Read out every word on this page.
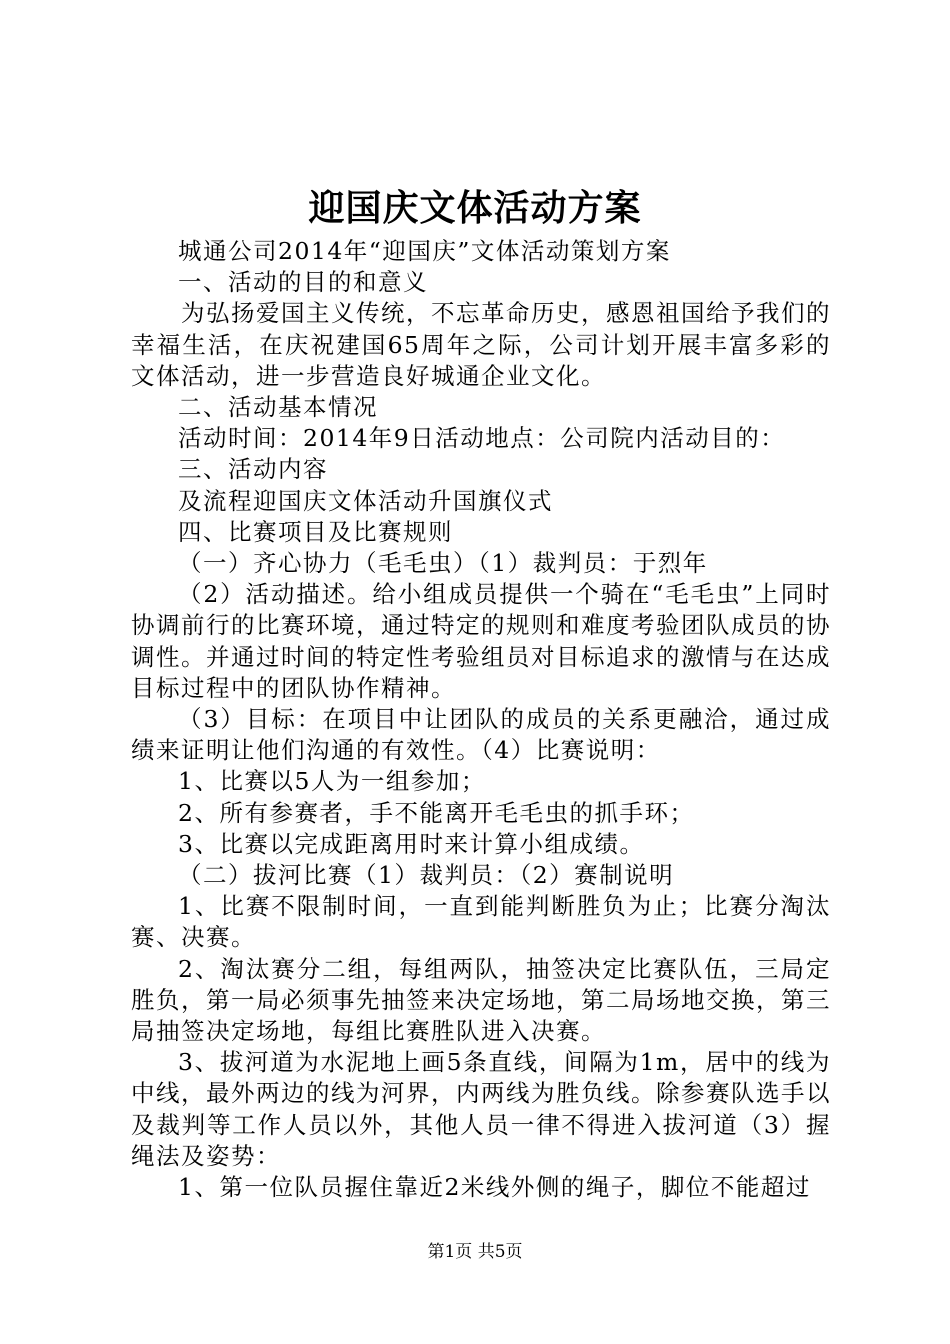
迎国庆文体活动方案

城通公司2014年“迎国庆”文体活动策划方案

一、活动的目的和意义

为弘扬爱国主义传统，不忘革命历史，感恩祖国给予我们的幸福生活，在庆祝建国65周年之际，公司计划开展丰富多彩的文体活动，进一步营造良好城通企业文化。

二、活动基本情况

活动时间：2014年9日活动地点：公司院内活动目的：

三、活动内容

及流程迎国庆文体活动升国旗仪式

四、比赛项目及比赛规则

（一）齐心协力（毛毛虫）（1）裁判员：于烈年

（2）活动描述。给小组成员提供一个骑在“毛毛虫”上同时协调前行的比赛环境，通过特定的规则和难度考验团队成员的协调性。并通过时间的特定性考验组员对目标追求的激情与在达成目标过程中的团队协作精神。

（3）目标：在项目中让团队的成员的关系更融洽，通过成绩来证明让他们沟通的有效性。（4）比赛说明：

1、比赛以5人为一组参加；

2、所有参赛者，手不能离开毛毛虫的抓手环；

3、比赛以完成距离用时来计算小组成绩。

（二）拔河比赛（1）裁判员：（2）赛制说明

1、比赛不限制时间，一直到能判断胜负为止；比赛分淘汰赛、决赛。

2、淘汰赛分二组，每组两队，抽签决定比赛队伍，三局定胜负，第一局必须事先抽签来决定场地，第二局场地交换，第三局抽签决定场地，每组比赛胜队进入决赛。

3、拔河道为水泥地上画5条直线，间隔为1m，居中的线为中线，最外两边的线为河界，内两线为胜负线。除参赛队选手以及裁判等工作人员以外，其他人员一律不得进入拔河道（3）握绳法及姿势：

1、第一位队员握住靠近2米线外侧的绳子，脚位不能超过

第1页 共5页
